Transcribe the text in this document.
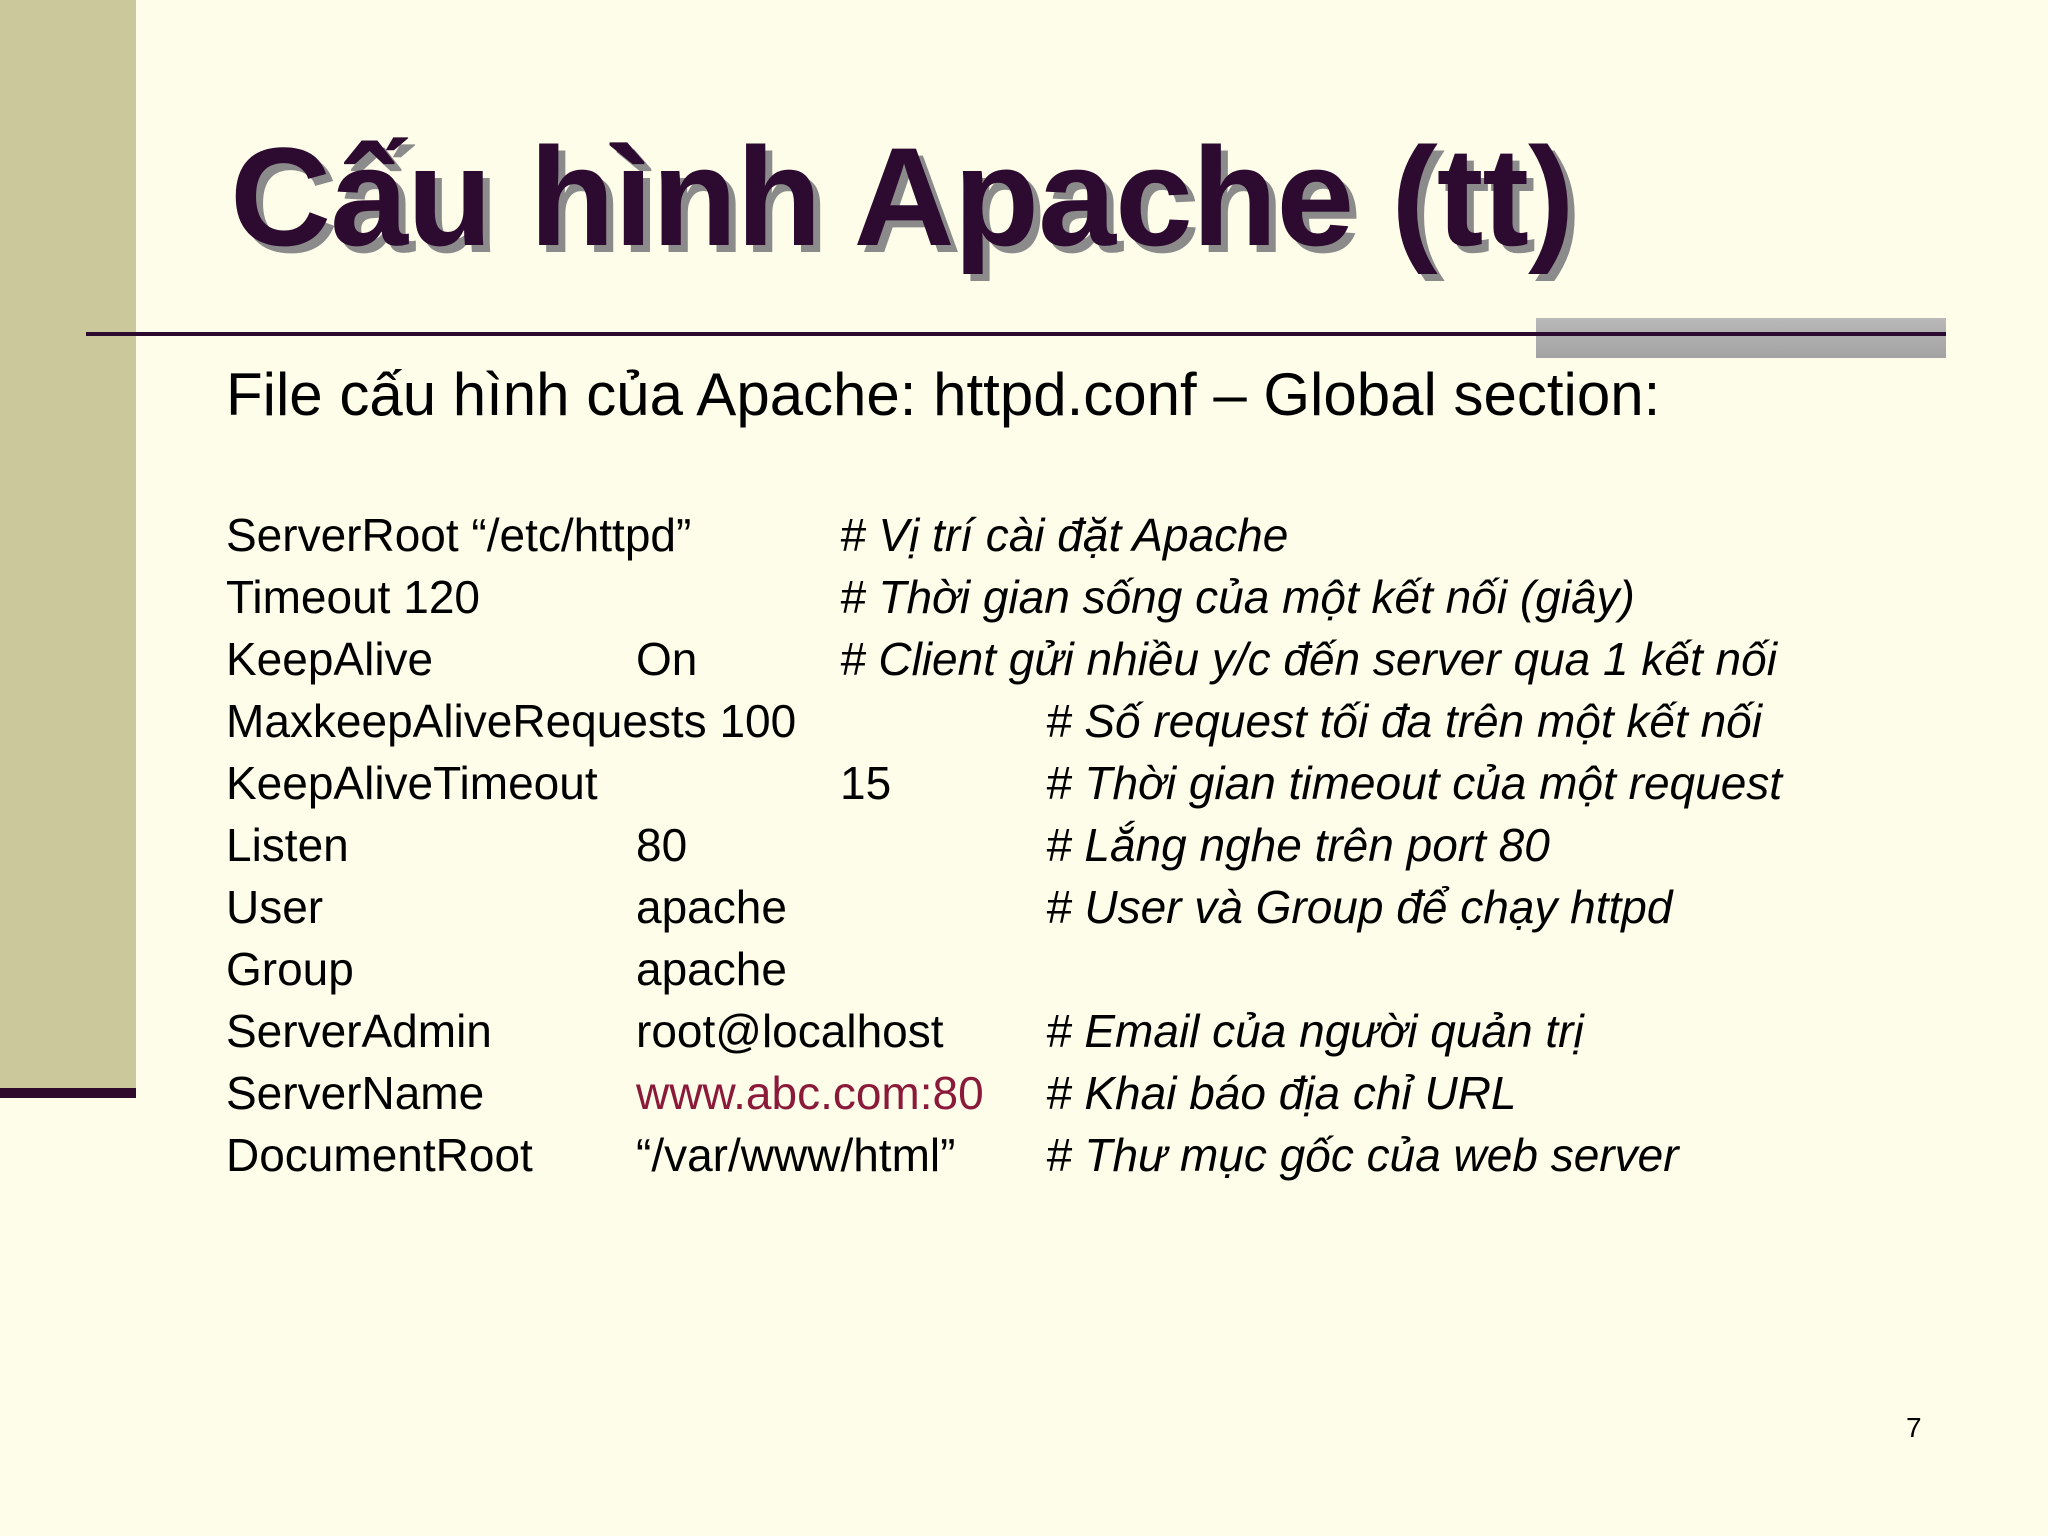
Cấu hình Apache (tt)
File cấu hình của Apache: httpd.conf – Global section:
ServerRoot “/etc/httpd”	# Vị trí cài đặt Apache
Timeout 120	# Thời gian sống của một kết nối (giây)
KeepAlive	On	# Client gửi nhiều y/c đến server qua 1 kết nối
MaxkeepAliveRequests 100	# Số request tối đa trên một kết nối
KeepAliveTimeout	15	# Thời gian timeout của một request
Listen	80	# Lắng nghe trên port 80
User	apache	# User và Group để chạy httpd
Group	apache
ServerAdmin	root@localhost # Email của người quản trị
ServerName	www.abc.com:80 # Khai báo địa chỉ URL
DocumentRoot “/var/www/html” # Thư mục gốc của web server
7
